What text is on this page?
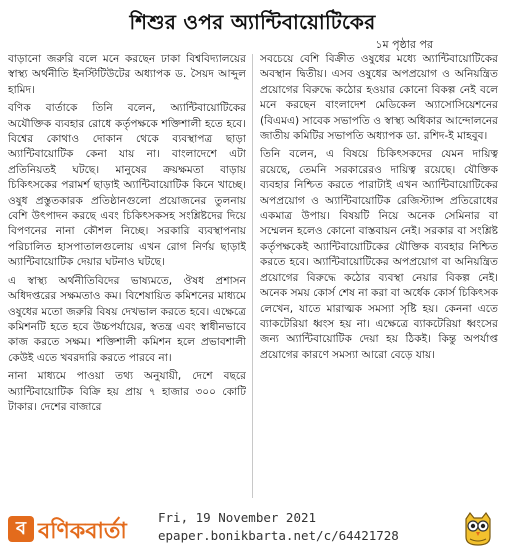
শিশুর ওপর অ্যান্টিবায়োটিকের
১ম পৃষ্ঠার পর

বাড়ানো জরুরি বলে মনে করছেন ঢাকা বিশ্ববিদ্যালয়ের স্বাস্থ্য অর্থনীতি ইনস্টিটিউটের অধ্যাপক ড. সৈয়দ আব্দুল হামিদ।

বণিক বার্তাকে তিনি বলেন, অ্যান্টিবায়োটিকের অযৌক্তিক ব্যবহার রোধে কর্তৃপক্ষকে শক্তিশালী হতে হবে। বিশ্বের কোথাও দোকান থেকে ব্যবস্থাপত্র ছাড়া অ্যান্টিবায়োটিক কেনা যায় না। বাংলাদেশে এটা প্রতিনিয়তই ঘটছে। মানুষের ক্রয়ক্ষমতা বাড়ায় চিকিৎসকের পরামর্শ ছাড়াই অ্যান্টিবায়োটিক কিনে খাচ্ছে। ওষুধ প্রস্তুতকারক প্রতিষ্ঠানগুলো প্রয়োজনের তুলনায় বেশি উৎপাদন করছে এবং চিকিৎসকসহ সংশ্লিষ্টদের দিয়ে বিপণনের নানা কৌশল নিচ্ছে। সরকারি ব্যবস্থাপনায় পরিচালিত হাসপাতালগুলোয় এখন রোগ নির্ণয় ছাড়াই অ্যান্টিবায়োটিক দেয়ার ঘটনাও ঘটছে।

এ স্বাস্থ্য অর্থনীতিবিদের ভাষ্যমতে, ঔষধ প্রশাসন অধিদপ্তরের সক্ষমতাও কম। বিশেষায়িত কমিশনের মাধ্যমে ওষুধের মতো জরুরি বিষয় দেখভাল করতে হবে। এক্ষেত্রে কমিশনটি হতে হবে উচ্চপর্যায়ের, স্বতন্ত্র এবং স্বাধীনভাবে কাজ করতে সক্ষম। শক্তিশালী কমিশন হলে প্রভাবশালী কেউই এতে খবরদারি করতে পারবে না।

নানা মাধ্যমে পাওয়া তথ্য অনুযায়ী, দেশে বছরে অ্যান্টিবায়োটিক বিক্রি হয় প্রায় ৭ হাজার ৩০০ কোটি টাকার। দেশের বাজারে

সবচেয়ে বেশি বিক্রীত ওষুধের মধ্যে অ্যান্টিবায়োটিকের অবস্থান দ্বিতীয়। এসব ওষুধের অপপ্রয়োগ ও অনিয়ন্ত্রিত প্রয়োগের বিরুদ্ধে কঠোর হওয়ার কোনো বিকল্প নেই বলে মনে করছেন বাংলাদেশ মেডিকেল অ্যাসোসিয়েশনের (বিএমএ) সাবেক সভাপতি ও স্বাস্থ্য অধিকার আন্দোলনের জাতীয় কমিটির সভাপতি অধ্যাপক ডা. রশিদ-ই মাহবুব।

তিনি বলেন, এ বিষয়ে চিকিৎসকদের যেমন দায়িত্ব রয়েছে, তেমনি সরকারেরও দায়িত্ব রয়েছে। যৌক্তিক ব্যবহার নিশ্চিত করতে পারাটাই এখন অ্যান্টিবায়োটিকের অপপ্রয়োগ ও অ্যান্টিবায়োটিক রেজিস্ট্যান্স প্রতিরোধের একমাত্র উপায়। বিষয়টি নিয়ে অনেক সেমিনার বা সম্মেলন হলেও কোনো বাস্তবায়ন নেই। সরকার বা সংশ্লিষ্ট কর্তৃপক্ষকেই অ্যান্টিবায়োটিকের যৌক্তিক ব্যবহার নিশ্চিত করতে হবে। অ্যান্টিবায়োটিকের অপপ্রয়োগ বা অনিয়ন্ত্রিত প্রয়োগের বিরুদ্ধে কঠোর ব্যবস্থা নেয়ার বিকল্প নেই। অনেক সময় কোর্স শেষ না করা বা অর্ধেক কোর্স চিকিৎসক লেখেন, যাতে মারাত্মক সমস্যা সৃষ্টি হয়। কেননা এতে ব্যাকটেরিয়া ধ্বংস হয় না। এক্ষেত্রে ব্যাকটেরিয়া ধ্বংসের জন্য অ্যান্টিবায়োটিক দেয়া হয় ঠিকই। কিন্তু অপর্যাপ্ত প্রয়োগের কারণে সমস্যা আরো বেড়ে যায়।

ব বণিকবার্তা
Fri, 19 November 2021
epaper.bonikbarta.net/c/64421728
